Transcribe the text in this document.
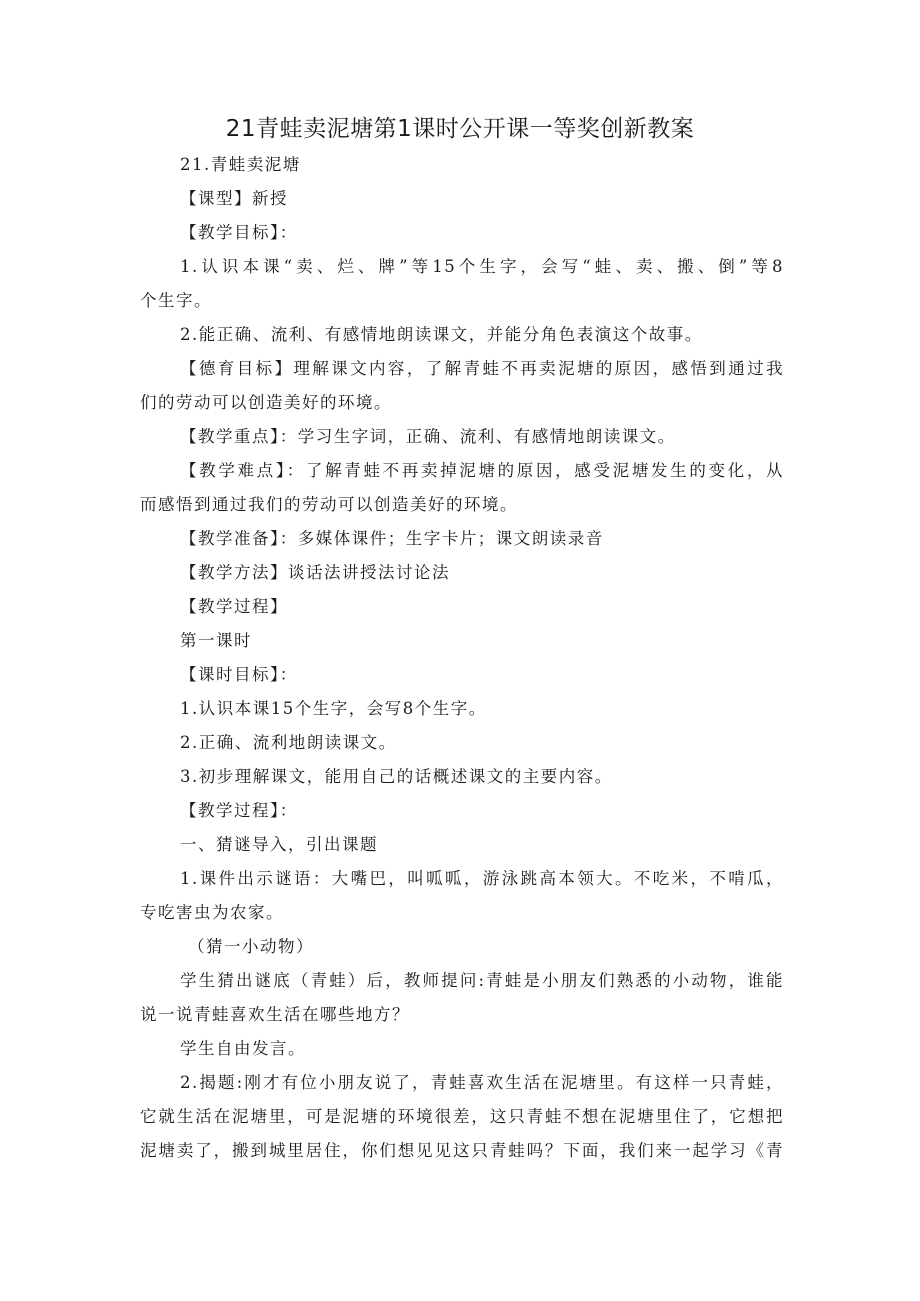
21青蛙卖泥塘第1课时公开课一等奖创新教案

21.青蛙卖泥塘

【课型】新授

【教学目标】：

1.认识本课“卖、烂、牌”等15个生字，会写“蛙、卖、搬、倒”等8

个生字。

2.能正确、流利、有感情地朗读课文，并能分角色表演这个故事。

【德育目标】理解课文内容，了解青蛙不再卖泥塘的原因，感悟到通过我

们的劳动可以创造美好的环境。

【教学重点】：学习生字词，正确、流利、有感情地朗读课文。

【教学难点】：了解青蛙不再卖掉泥塘的原因，感受泥塘发生的变化，从

而感悟到通过我们的劳动可以创造美好的环境。

【教学准备】：多媒体课件；生字卡片；课文朗读录音

【教学方法】谈话法讲授法讨论法

【教学过程】

第一课时

【课时目标】：

1.认识本课15个生字，会写8个生字。

2.正确、流利地朗读课文。

3.初步理解课文，能用自己的话概述课文的主要内容。

【教学过程】：

一、猜谜导入，引出课题

1.课件出示谜语：大嘴巴，叫呱呱，游泳跳高本领大。不吃米，不啃瓜，

专吃害虫为农家。

（猜一小动物）

学生猜出谜底（青蛙）后，教师提问:青蛙是小朋友们熟悉的小动物，谁能

说一说青蛙喜欢生活在哪些地方？

学生自由发言。

2.揭题:刚才有位小朋友说了，青蛙喜欢生活在泥塘里。有这样一只青蛙，

它就生活在泥塘里，可是泥塘的环境很差，这只青蛙不想在泥塘里住了，它想把

泥塘卖了，搬到城里居住，你们想见见这只青蛙吗？下面，我们来一起学习《青
